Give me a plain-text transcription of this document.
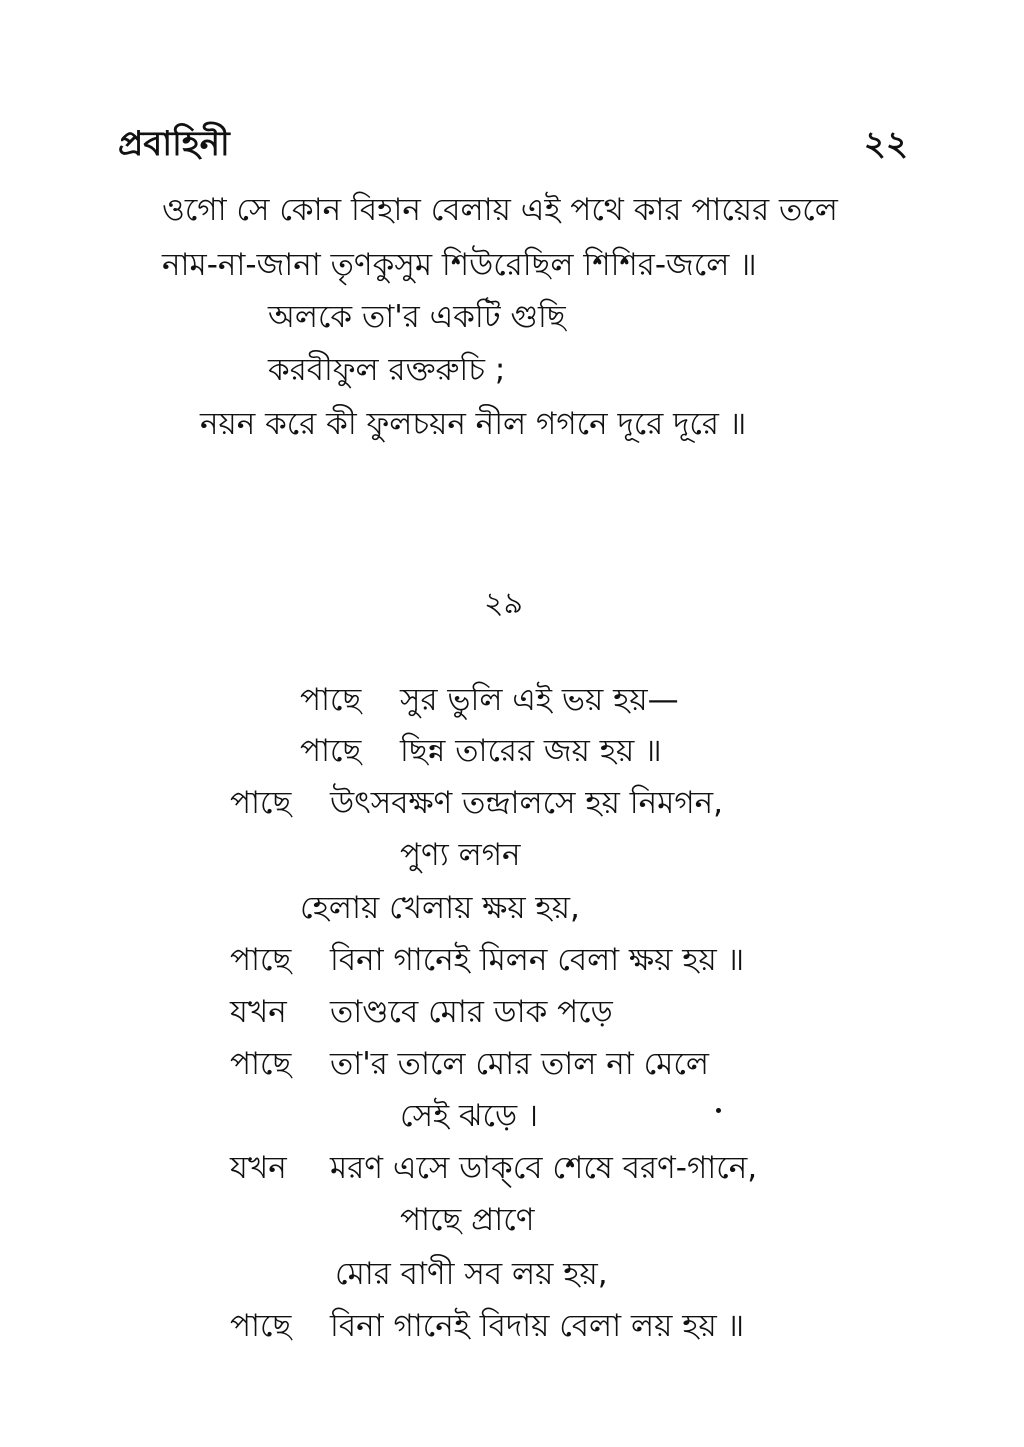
প্রবাহিনী	২২
ওগো সে কোন বিহান বেলায় এই পথে কার পায়ের তলে
নাম-না-জানা তৃণকুসুম শিউরেছিল শিশির-জলে ॥
অলকে তা'র একটি গুছি
করবীফুল রক্তরুচি ;
নয়ন করে কী ফুলচয়ন নীল গগনে দূরে দূরে ॥
২৯
পাছে সুর ভুলি এই ভয় হয়—
পাছে ছিন্ন তারের জয় হয় ॥
পাছে উৎসবক্ষণ তন্দ্রালসে হয় নিমগন,
পুণ্য লগন
হেলায় খেলায় ক্ষয় হয়,
পাছে বিনা গানেই মিলন বেলা ক্ষয় হয় ॥
যখন তাণ্ডবে মোর ডাক পড়ে
পাছে তা'র তালে মোর তাল না মেলে
সেই ঝড়ে ।
যখন মরণ এসে ডাক্‌বে শেষে বরণ-গানে,
পাছে প্রাণে
মোর বাণী সব লয় হয়,
পাছে বিনা গানেই বিদায় বেলা লয় হয় ॥
